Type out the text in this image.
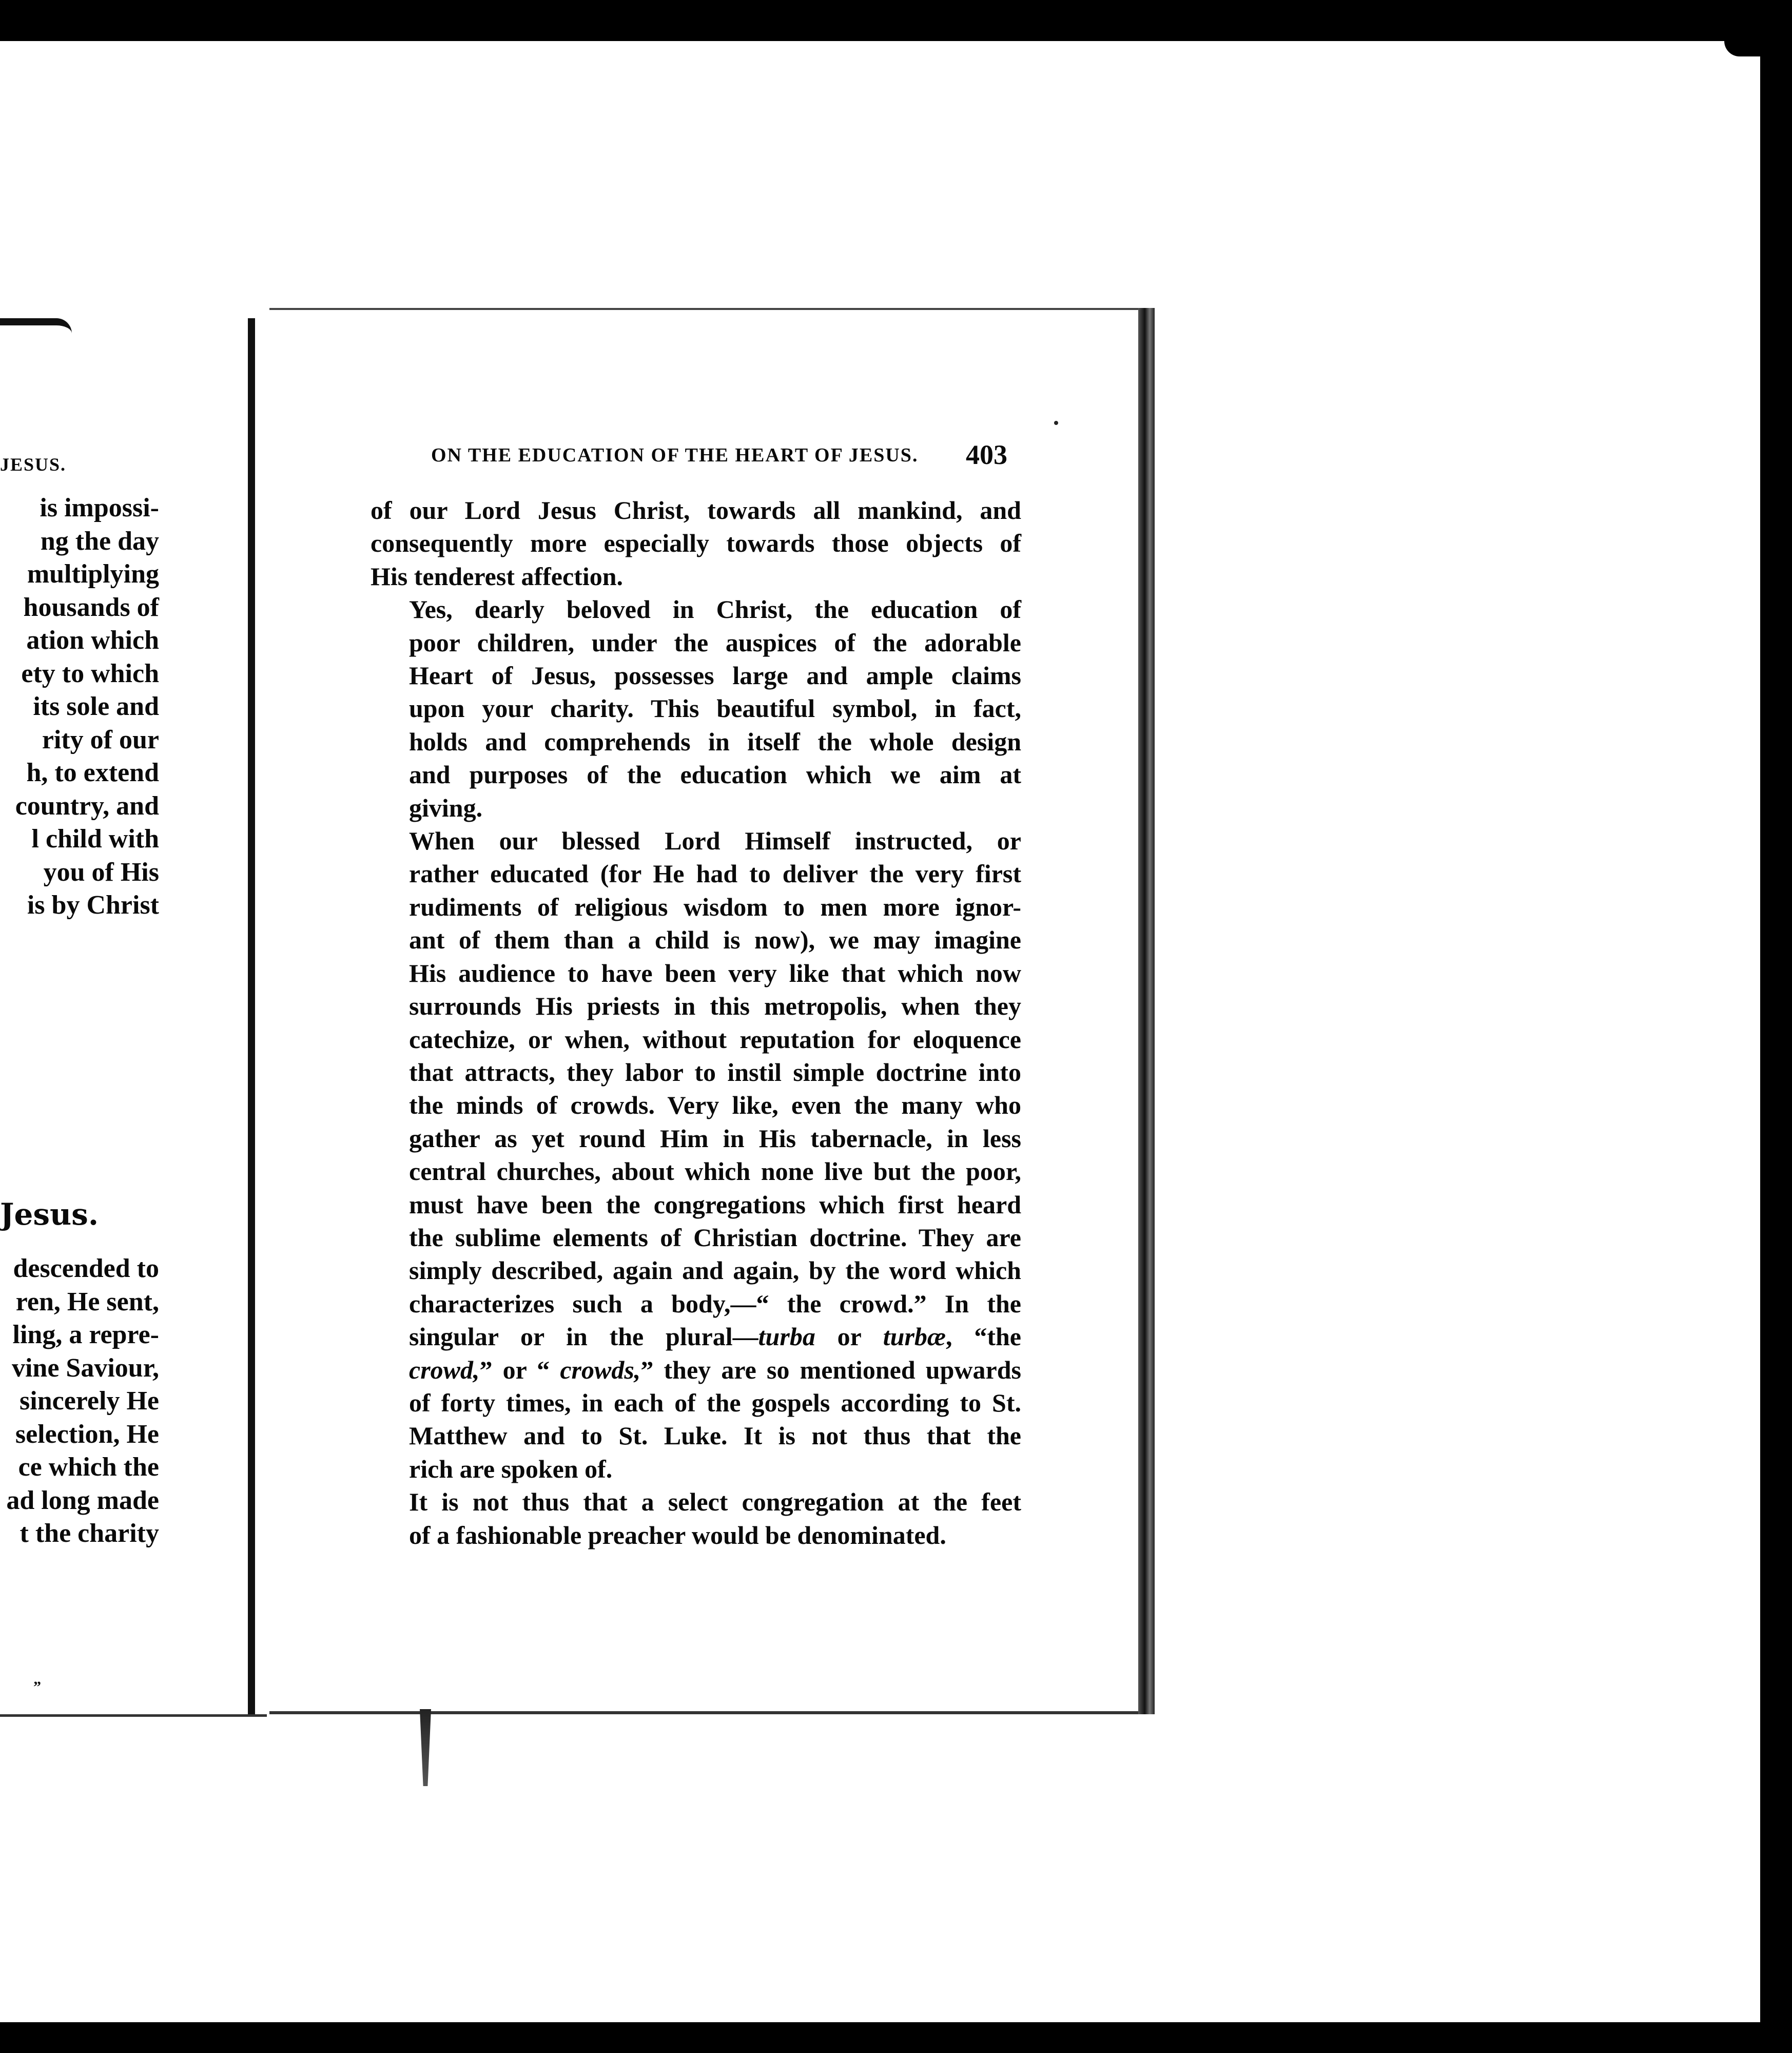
JESUS.
is impossi-
ng the day
multiplying
housands of
ation which
ety to which
its sole and
rity of our
h, to extend
country, and
l child with
you of His
is by Christ
Jesus.
descended to
ren, He sent,
ling, a repre-
vine Saviour,
sincerely He
selection, He
ce which the
ad long made
t the charity
”
ON THE EDUCATION OF THE HEART OF JESUS.	403

of our Lord Jesus Christ, towards all mankind, and
consequently more especially towards those objects of
His tenderest affection.

Yes, dearly beloved in Christ, the education of
poor children, under the auspices of the adorable
Heart of Jesus, possesses large and ample claims
upon your charity. This beautiful symbol, in fact,
holds and comprehends in itself the whole design
and purposes of the education which we aim at
giving.

When our blessed Lord Himself instructed, or
rather educated (for He had to deliver the very first
rudiments of religious wisdom to men more ignor-
ant of them than a child is now), we may imagine
His audience to have been very like that which now
surrounds His priests in this metropolis, when they
catechize, or when, without reputation for eloquence
that attracts, they labor to instil simple doctrine into
the minds of crowds. Very like, even the many who
gather as yet round Him in His tabernacle, in less
central churches, about which none live but the poor,
must have been the congregations which first heard
the sublime elements of Christian doctrine. They are
simply described, again and again, by the word which
characterizes such a body,—“ the crowd.” In the
singular or in the plural—turba or turbæ, “the
crowd,” or “ crowds,” they are so mentioned upwards
of forty times, in each of the gospels according to St.
Matthew and to St. Luke. It is not thus that the
rich are spoken of.

It is not thus that a select congregation at the feet
of a fashionable preacher would be denominated.
